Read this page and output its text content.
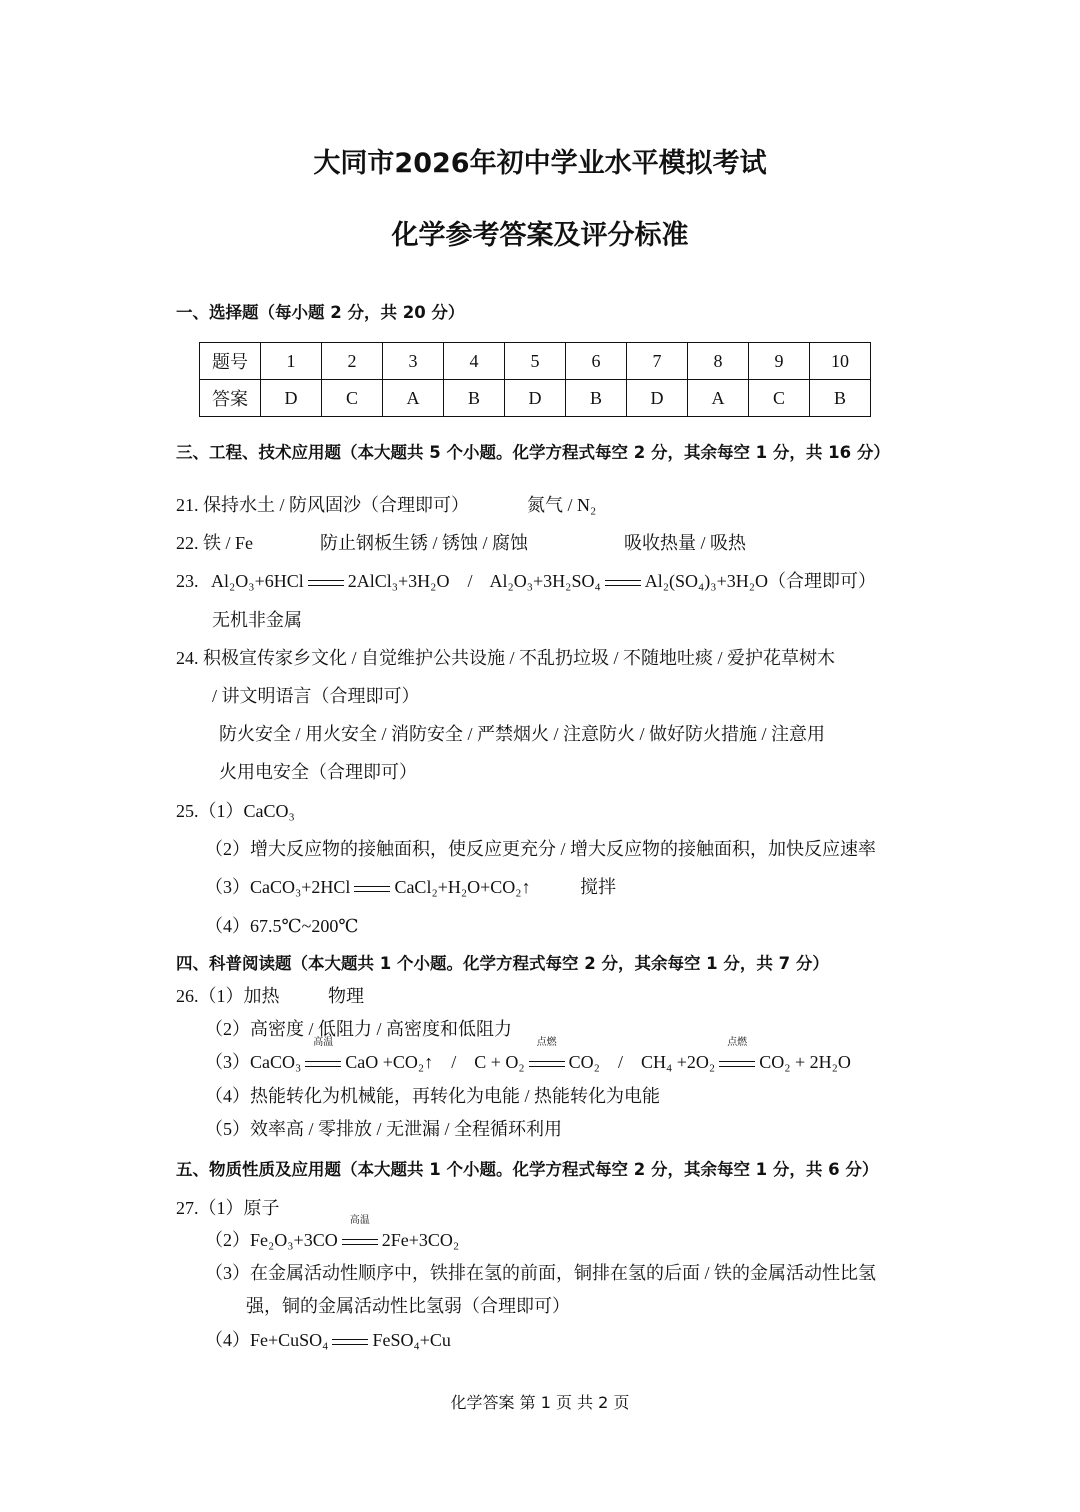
大同市2026年初中学业水平模拟考试
化学参考答案及评分标准
一、选择题（每小题 2 分，共 20 分）
题号	1	2	3	4	5	6	7	8	9	10
答案	D	C	A	B	D	B	D	A	C	B
三、工程、技术应用题（本大题共 5 个小题。化学方程式每空 2 分，其余每空 1 分，共 16 分）
21. 保持水土 / 防风固沙（合理即可）	氮气 / N₂
22. 铁 / Fe	防止钢板生锈 / 锈蚀 / 腐蚀	吸收热量 / 吸热
23. Al₂O₃+6HCl 2AlCl₃+3H₂O / Al₂O₃+3H₂SO₄ Al₂(SO₄)₃+3H₂O（合理即可）
无机非金属
24. 积极宣传家乡文化 / 自觉维护公共设施 / 不乱扔垃圾 / 不随地吐痰 / 爱护花草树木
/ 讲文明语言（合理即可）
防火安全 / 用火安全 / 消防安全 / 严禁烟火 / 注意防火 / 做好防火措施 / 注意用
火用电安全（合理即可）
25.（1）CaCO₃
（2）增大反应物的接触面积，使反应更充分 / 增大反应物的接触面积，加快反应速率
（3）CaCO₃+2HCl CaCl₂+H₂O+CO₂↑	搅拌
（4）67.5℃~200℃
四、科普阅读题（本大题共 1 个小题。化学方程式每空 2 分，其余每空 1 分，共 7 分）
26.（1）加热	物理
（2）高密度 / 低阻力 / 高密度和低阻力
（3）CaCO₃
高温
CaO +CO₂↑ / C + O₂
点燃
CO₂ / CH₄ +2O₂
点燃
CO₂ + 2H₂O
（4）热能转化为机械能，再转化为电能 / 热能转化为电能
（5）效率高 / 零排放 / 无泄漏 / 全程循环利用
五、物质性质及应用题（本大题共 1 个小题。化学方程式每空 2 分，其余每空 1 分，共 6 分）
27.（1）原子
（2）Fe₂O₃+3CO
高温
2Fe+3CO₂
（3）在金属活动性顺序中，铁排在氢的前面，铜排在氢的后面 / 铁的金属活动性比氢
强，铜的金属活动性比氢弱（合理即可）
（4）Fe+CuSO₄ FeSO₄+Cu
化学答案 第 1 页 共 2 页
